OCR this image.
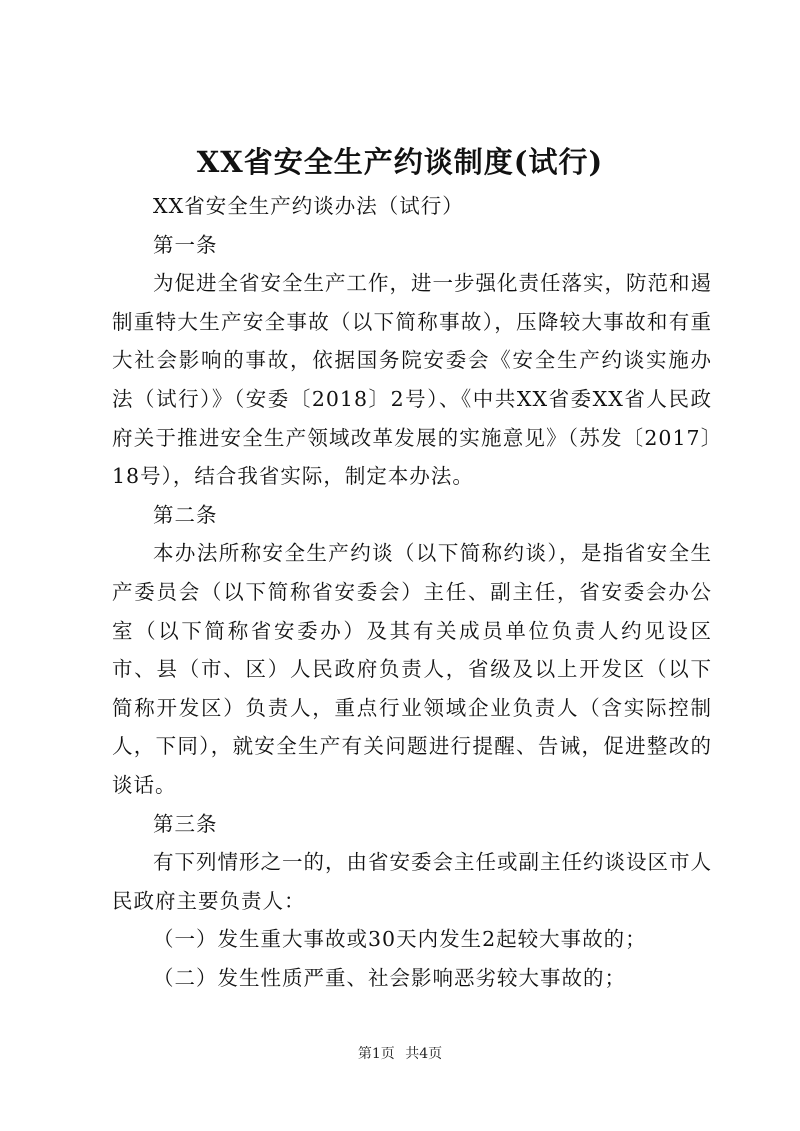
XX省安全生产约谈制度(试行)

XX省安全生产约谈办法（试行）

第一条

为促进全省安全生产工作，进一步强化责任落实，防范和遏制重特大生产安全事故（以下简称事故），压降较大事故和有重大社会影响的事故，依据国务院安委会《安全生产约谈实施办法（试行）》（安委〔2018〕2号）、《中共XX省委XX省人民政府关于推进安全生产领域改革发展的实施意见》（苏发〔2017〕18号），结合我省实际，制定本办法。

第二条

本办法所称安全生产约谈（以下简称约谈），是指省安全生产委员会（以下简称省安委会）主任、副主任，省安委会办公室（以下简称省安委办）及其有关成员单位负责人约见设区市、县（市、区）人民政府负责人，省级及以上开发区（以下简称开发区）负责人，重点行业领域企业负责人（含实际控制人，下同），就安全生产有关问题进行提醒、告诫，促进整改的谈话。

第三条

有下列情形之一的，由省安委会主任或副主任约谈设区市人民政府主要负责人：

（一）发生重大事故或30天内发生2起较大事故的；

（二）发生性质严重、社会影响恶劣较大事故的；

第1页 共4页
